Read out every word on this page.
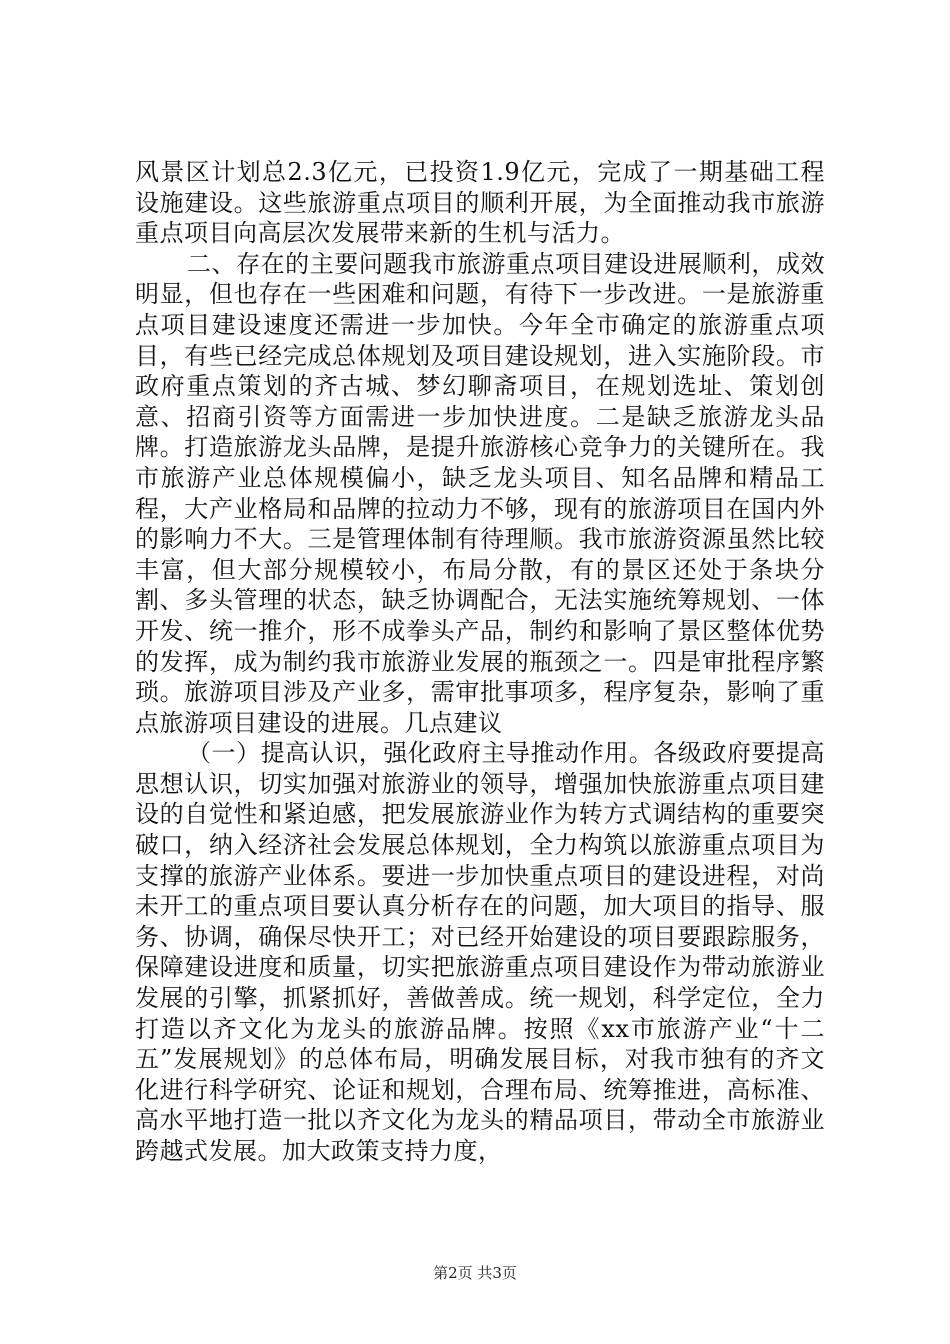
风景区计划总2.3亿元，已投资1.9亿元，完成了一期基础工程设施建设。这些旅游重点项目的顺利开展，为全面推动我市旅游重点项目向高层次发展带来新的生机与活力。

二、存在的主要问题我市旅游重点项目建设进展顺利，成效明显，但也存在一些困难和问题，有待下一步改进。一是旅游重点项目建设速度还需进一步加快。今年全市确定的旅游重点项目，有些已经完成总体规划及项目建设规划，进入实施阶段。市政府重点策划的齐古城、梦幻聊斋项目，在规划选址、策划创意、招商引资等方面需进一步加快进度。二是缺乏旅游龙头品牌。打造旅游龙头品牌，是提升旅游核心竞争力的关键所在。我市旅游产业总体规模偏小，缺乏龙头项目、知名品牌和精品工程，大产业格局和品牌的拉动力不够，现有的旅游项目在国内外的影响力不大。三是管理体制有待理顺。我市旅游资源虽然比较丰富，但大部分规模较小，布局分散，有的景区还处于条块分割、多头管理的状态，缺乏协调配合，无法实施统筹规划、一体开发、统一推介，形不成拳头产品，制约和影响了景区整体优势的发挥，成为制约我市旅游业发展的瓶颈之一。四是审批程序繁琐。旅游项目涉及产业多，需审批事项多，程序复杂，影响了重点旅游项目建设的进展。几点建议

（一）提高认识，强化政府主导推动作用。各级政府要提高思想认识，切实加强对旅游业的领导，增强加快旅游重点项目建设的自觉性和紧迫感，把发展旅游业作为转方式调结构的重要突破口，纳入经济社会发展总体规划，全力构筑以旅游重点项目为支撑的旅游产业体系。要进一步加快重点项目的建设进程，对尚未开工的重点项目要认真分析存在的问题，加大项目的指导、服务、协调，确保尽快开工；对已经开始建设的项目要跟踪服务，保障建设进度和质量，切实把旅游重点项目建设作为带动旅游业发展的引擎，抓紧抓好，善做善成。统一规划，科学定位，全力打造以齐文化为龙头的旅游品牌。按照《xx市旅游产业“十二五”发展规划》的总体布局，明确发展目标，对我市独有的齐文化进行科学研究、论证和规划，合理布局、统筹推进，高标准、高水平地打造一批以齐文化为龙头的精品项目，带动全市旅游业跨越式发展。加大政策支持力度，

第2页 共3页
